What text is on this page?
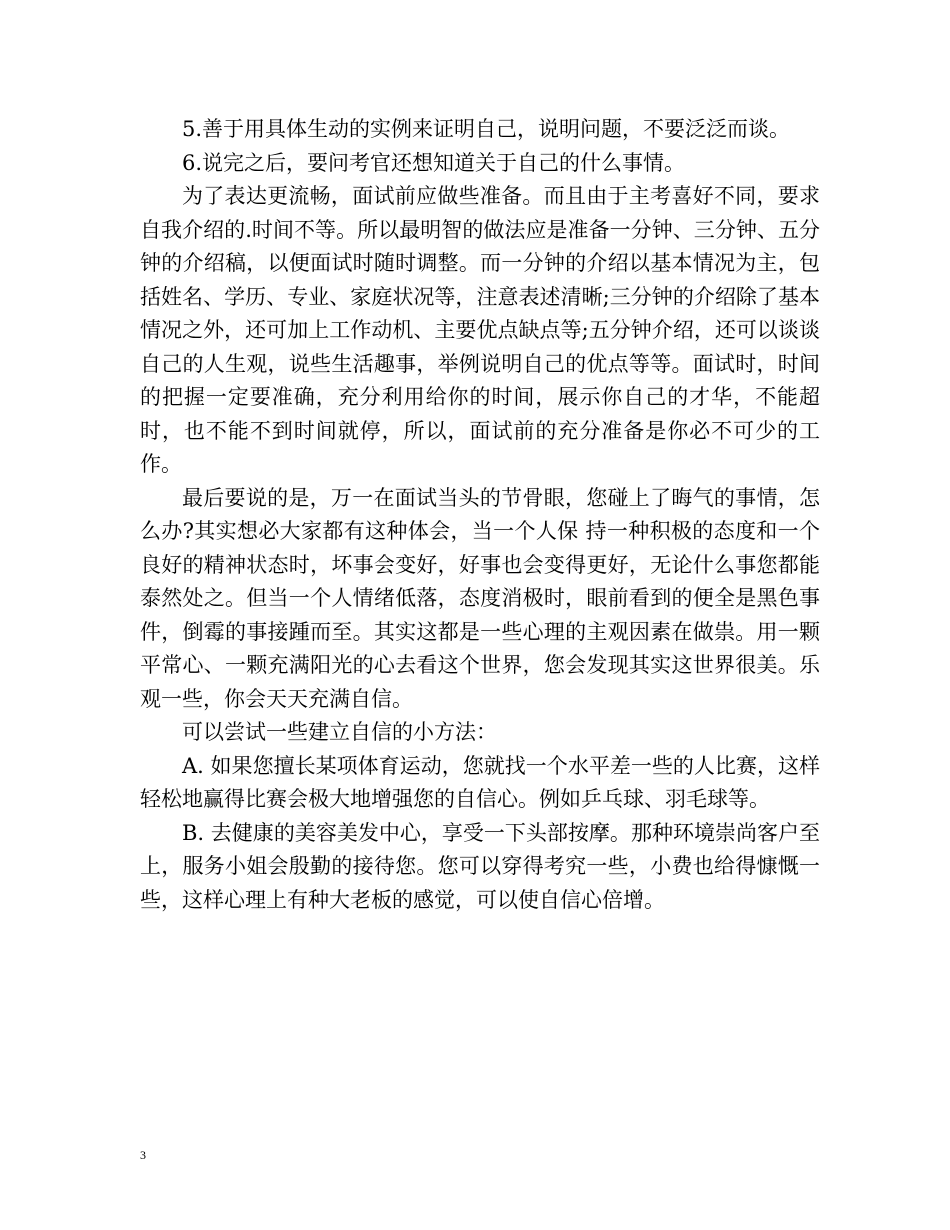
5.善于用具体生动的实例来证明自己，说明问题，不要泛泛而谈。

6.说完之后，要问考官还想知道关于自己的什么事情。

为了表达更流畅，面试前应做些准备。而且由于主考喜好不同，要求自我介绍的.时间不等。所以最明智的做法应是准备一分钟、三分钟、五分钟的介绍稿，以便面试时随时调整。而一分钟的介绍以基本情况为主，包括姓名、学历、专业、家庭状况等，注意表述清晰;三分钟的介绍除了基本情况之外，还可加上工作动机、主要优点缺点等;五分钟介绍，还可以谈谈自己的人生观，说些生活趣事，举例说明自己的优点等等。面试时，时间的把握一定要准确，充分利用给你的时间，展示你自己的才华，不能超时，也不能不到时间就停，所以，面试前的充分准备是你必不可少的工作。

最后要说的是，万一在面试当头的节骨眼，您碰上了晦气的事情，怎么办?其实想必大家都有这种体会，当一个人保 持一种积极的态度和一个良好的精神状态时，坏事会变好，好事也会变得更好，无论什么事您都能泰然处之。但当一个人情绪低落，态度消极时，眼前看到的便全是黑色事件，倒霉的事接踵而至。其实这都是一些心理的主观因素在做祟。用一颗平常心、一颗充满阳光的心去看这个世界，您会发现其实这世界很美。乐观一些，你会天天充满自信。

可以尝试一些建立自信的小方法：

A. 如果您擅长某项体育运动，您就找一个水平差一些的人比赛，这样轻松地赢得比赛会极大地增强您的自信心。例如乒乓球、羽毛球等。

B. 去健康的美容美发中心，享受一下头部按摩。那种环境崇尚客户至上，服务小姐会殷勤的接待您。您可以穿得考究一些，小费也给得慷慨一些，这样心理上有种大老板的感觉，可以使自信心倍增。

3
